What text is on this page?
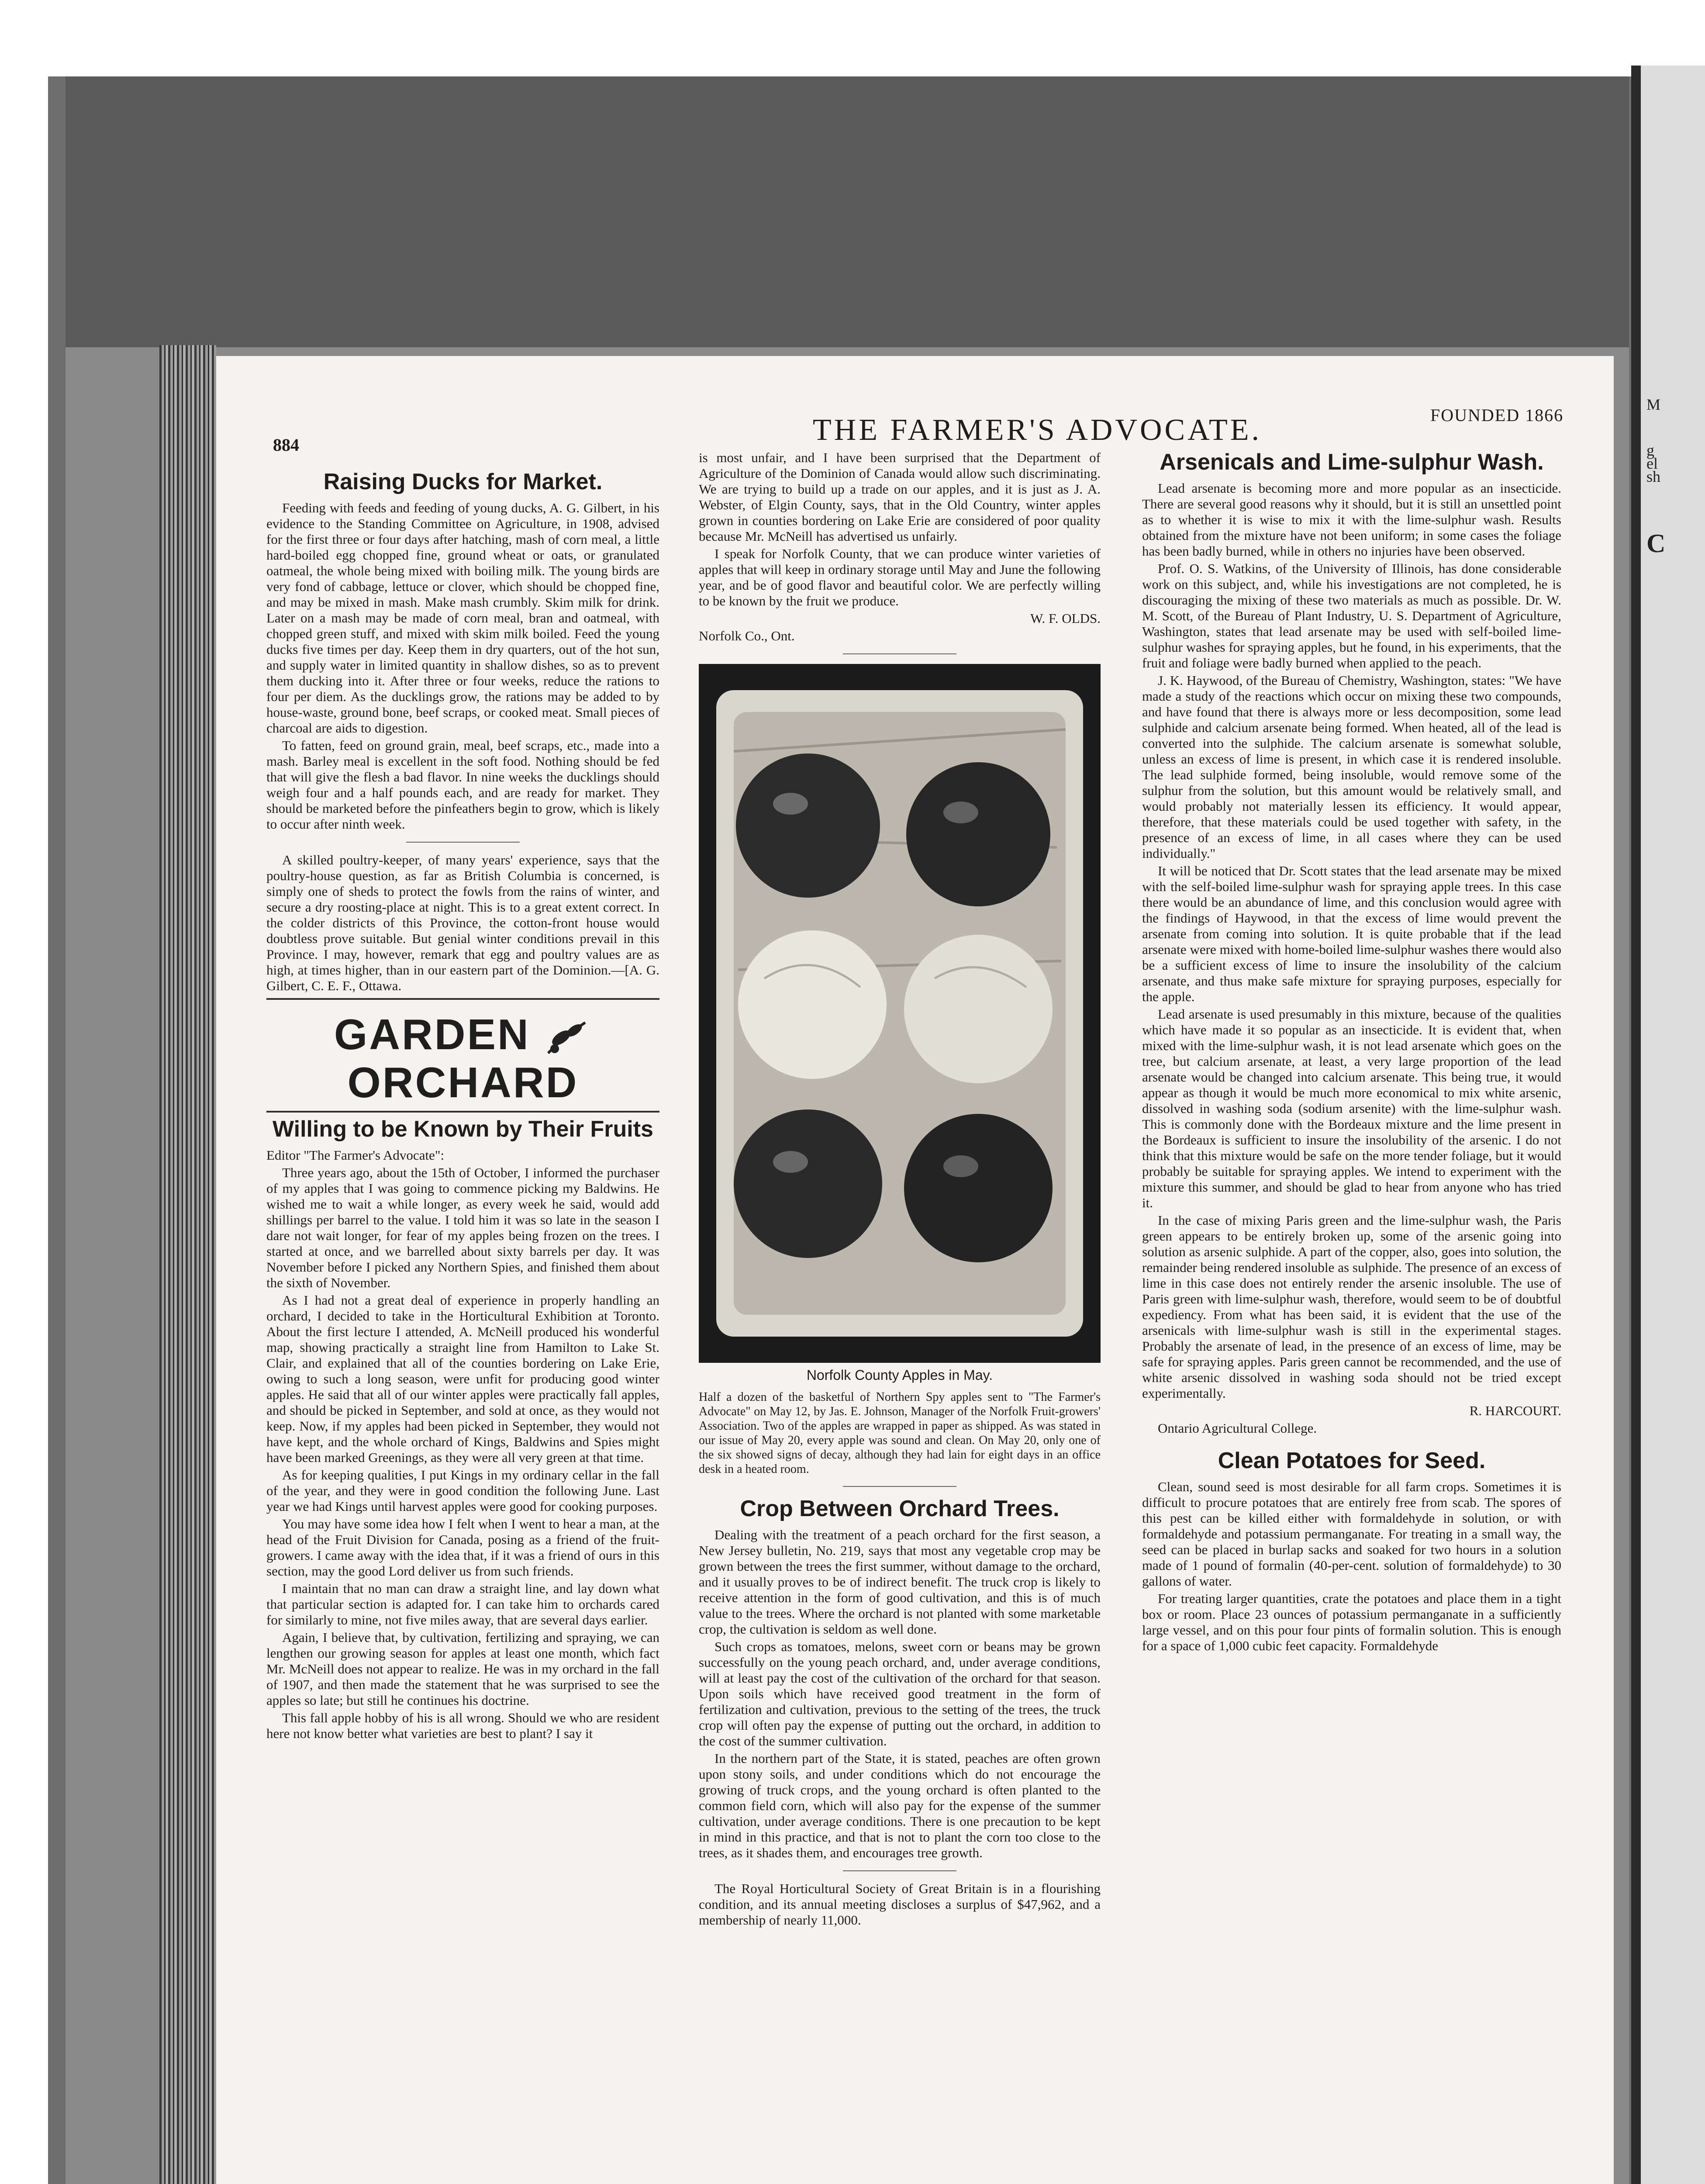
M
g
el
sh
C
884	THE FARMER'S ADVOCATE.	FOUNDED 1866
Raising Ducks for Market.

Feeding with feeds and feeding of young ducks, A. G. Gilbert, in his evidence to the Standing Committee on Agriculture, in 1908, advised for the first three or four days after hatching, mash of corn meal, a little hard-boiled egg chopped fine, ground wheat or oats, or granulated oatmeal, the whole being mixed with boiling milk. The young birds are very fond of cabbage, lettuce or clover, which should be chopped fine, and may be mixed in mash. Make mash crumbly. Skim milk for drink. Later on a mash may be made of corn meal, bran and oatmeal, with chopped green stuff, and mixed with skim milk boiled. Feed the young ducks five times per day. Keep them in dry quarters, out of the hot sun, and supply water in limited quantity in shallow dishes, so as to prevent them ducking into it. After three or four weeks, reduce the rations to four per diem. As the ducklings grow, the rations may be added to by house-waste, ground bone, beef scraps, or cooked meat. Small pieces of charcoal are aids to digestion.

To fatten, feed on ground grain, meal, beef scraps, etc., made into a mash. Barley meal is excellent in the soft food. Nothing should be fed that will give the flesh a bad flavor. In nine weeks the ducklings should weigh four and a half pounds each, and are ready for market. They should be marketed before the pinfeathers begin to grow, which is likely to occur after ninth week.

A skilled poultry-keeper, of many years' experience, says that the poultry-house question, as far as British Columbia is concerned, is simply one of sheds to protect the fowls from the rains of winter, and secure a dry roosting-place at night. This is to a great extent correct. In the colder districts of this Province, the cotton-front house would doubtless prove suitable. But genial winter conditions prevail in this Province. I may, however, remark that egg and poultry values are as high, at times higher, than in our eastern part of the Dominion.—[A. G. Gilbert, C. E. F., Ottawa.

GARDEN  ORCHARD
Willing to be Known by Their Fruits

Editor "The Farmer's Advocate":

Three years ago, about the 15th of October, I informed the purchaser of my apples that I was going to commence picking my Baldwins. He wished me to wait a while longer, as every week he said, would add shillings per barrel to the value. I told him it was so late in the season I dare not wait longer, for fear of my apples being frozen on the trees. I started at once, and we barrelled about sixty barrels per day. It was November before I picked any Northern Spies, and finished them about the sixth of November.

As I had not a great deal of experience in properly handling an orchard, I decided to take in the Horticultural Exhibition at Toronto. About the first lecture I attended, A. McNeill produced his wonderful map, showing practically a straight line from Hamilton to Lake St. Clair, and explained that all of the counties bordering on Lake Erie, owing to such a long season, were unfit for producing good winter apples. He said that all of our winter apples were practically fall apples, and should be picked in September, and sold at once, as they would not keep. Now, if my apples had been picked in September, they would not have kept, and the whole orchard of Kings, Baldwins and Spies might have been marked Greenings, as they were all very green at that time.

As for keeping qualities, I put Kings in my ordinary cellar in the fall of the year, and they were in good condition the following June. Last year we had Kings until harvest apples were good for cooking purposes.

You may have some idea how I felt when I went to hear a man, at the head of the Fruit Division for Canada, posing as a friend of the fruit-growers. I came away with the idea that, if it was a friend of ours in this section, may the good Lord deliver us from such friends.

I maintain that no man can draw a straight line, and lay down what that particular section is adapted for. I can take him to orchards cared for similarly to mine, not five miles away, that are several days earlier.

Again, I believe that, by cultivation, fertilizing and spraying, we can lengthen our growing season for apples at least one month, which fact Mr. McNeill does not appear to realize. He was in my orchard in the fall of 1907, and then made the statement that he was surprised to see the apples so late; but still he continues his doctrine.

This fall apple hobby of his is all wrong. Should we who are resident here not know better what varieties are best to plant? I say it

is most unfair, and I have been surprised that the Department of Agriculture of the Dominion of Canada would allow such discriminating. We are trying to build up a trade on our apples, and it is just as J. A. Webster, of Elgin County, says, that in the Old Country, winter apples grown in counties bordering on Lake Erie are considered of poor quality because Mr. McNeill has advertised us unfairly.

I speak for Norfolk County, that we can produce winter varieties of apples that will keep in ordinary storage until May and June the following year, and be of good flavor and beautiful color. We are perfectly willing to be known by the fruit we produce.

W. F. OLDS.

Norfolk Co., Ont.

Norfolk County Apples in May.

Half a dozen of the basketful of Northern Spy apples sent to "The Farmer's Advocate" on May 12, by Jas. E. Johnson, Manager of the Norfolk Fruit-growers' Association. Two of the apples are wrapped in paper as shipped. As was stated in our issue of May 20, every apple was sound and clean. On May 20, only one of the six showed signs of decay, although they had lain for eight days in an office desk in a heated room.

Crop Between Orchard Trees.

Dealing with the treatment of a peach orchard for the first season, a New Jersey bulletin, No. 219, says that most any vegetable crop may be grown between the trees the first summer, without damage to the orchard, and it usually proves to be of indirect benefit. The truck crop is likely to receive attention in the form of good cultivation, and this is of much value to the trees. Where the orchard is not planted with some marketable crop, the cultivation is seldom as well done.

Such crops as tomatoes, melons, sweet corn or beans may be grown successfully on the young peach orchard, and, under average conditions, will at least pay the cost of the cultivation of the orchard for that season. Upon soils which have received good treatment in the form of fertilization and cultivation, previous to the setting of the trees, the truck crop will often pay the expense of putting out the orchard, in addition to the cost of the summer cultivation.

In the northern part of the State, it is stated, peaches are often grown upon stony soils, and under conditions which do not encourage the growing of truck crops, and the young orchard is often planted to the common field corn, which will also pay for the expense of the summer cultivation, under average conditions. There is one precaution to be kept in mind in this practice, and that is not to plant the corn too close to the trees, as it shades them, and encourages tree growth.

The Royal Horticultural Society of Great Britain is in a flourishing condition, and its annual meeting discloses a surplus of $47,962, and a membership of nearly 11,000.

Arsenicals and Lime-sulphur Wash.

Lead arsenate is becoming more and more popular as an insecticide. There are several good reasons why it should, but it is still an unsettled point as to whether it is wise to mix it with the lime-sulphur wash. Results obtained from the mixture have not been uniform; in some cases the foliage has been badly burned, while in others no injuries have been observed.

Prof. O. S. Watkins, of the University of Illinois, has done considerable work on this subject, and, while his investigations are not completed, he is discouraging the mixing of these two materials as much as possible. Dr. W. M. Scott, of the Bureau of Plant Industry, U. S. Department of Agriculture, Washington, states that lead arsenate may be used with self-boiled lime-sulphur washes for spraying apples, but he found, in his experiments, that the fruit and foliage were badly burned when applied to the peach.

J. K. Haywood, of the Bureau of Chemistry, Washington, states: "We have made a study of the reactions which occur on mixing these two compounds, and have found that there is always more or less decomposition, some lead sulphide and calcium arsenate being formed. When heated, all of the lead is converted into the sulphide. The calcium arsenate is somewhat soluble, unless an excess of lime is present, in which case it is rendered insoluble. The lead sulphide formed, being insoluble, would remove some of the sulphur from the solution, but this amount would be relatively small, and would probably not materially lessen its efficiency. It would appear, therefore, that these materials could be used together with safety, in the presence of an excess of lime, in all cases where they can be used individually."

It will be noticed that Dr. Scott states that the lead arsenate may be mixed with the self-boiled lime-sulphur wash for spraying apple trees. In this case there would be an abundance of lime, and this conclusion would agree with the findings of Haywood, in that the excess of lime would prevent the arsenate from coming into solution. It is quite probable that if the lead arsenate were mixed with home-boiled lime-sulphur washes there would also be a sufficient excess of lime to insure the insolubility of the calcium arsenate, and thus make safe mixture for spraying purposes, especially for the apple.

Lead arsenate is used presumably in this mixture, because of the qualities which have made it so popular as an insecticide. It is evident that, when mixed with the lime-sulphur wash, it is not lead arsenate which goes on the tree, but calcium arsenate, at least, a very large proportion of the lead arsenate would be changed into calcium arsenate. This being true, it would appear as though it would be much more economical to mix white arsenic, dissolved in washing soda (sodium arsenite) with the lime-sulphur wash. This is commonly done with the Bordeaux mixture and the lime present in the Bordeaux is sufficient to insure the insolubility of the arsenic. I do not think that this mixture would be safe on the more tender foliage, but it would probably be suitable for spraying apples. We intend to experiment with the mixture this summer, and should be glad to hear from anyone who has tried it.

In the case of mixing Paris green and the lime-sulphur wash, the Paris green appears to be entirely broken up, some of the arsenic going into solution as arsenic sulphide. A part of the copper, also, goes into solution, the remainder being rendered insoluble as sulphide. The presence of an excess of lime in this case does not entirely render the arsenic insoluble. The use of Paris green with lime-sulphur wash, therefore, would seem to be of doubtful expediency. From what has been said, it is evident that the use of the arsenicals with lime-sulphur wash is still in the experimental stages. Probably the arsenate of lead, in the presence of an excess of lime, may be safe for spraying apples. Paris green cannot be recommended, and the use of white arsenic dissolved in washing soda should not be tried except experimentally.

R. HARCOURT.

Ontario Agricultural College.

Clean Potatoes for Seed.

Clean, sound seed is most desirable for all farm crops. Sometimes it is difficult to procure potatoes that are entirely free from scab. The spores of this pest can be killed either with formaldehyde in solution, or with formaldehyde and potassium permanganate. For treating in a small way, the seed can be placed in burlap sacks and soaked for two hours in a solution made of 1 pound of formalin (40-per-cent. solution of formaldehyde) to 30 gallons of water.

For treating larger quantities, crate the potatoes and place them in a tight box or room. Place 23 ounces of potassium permanganate in a sufficiently large vessel, and on this pour four pints of formalin solution. This is enough for a space of 1,000 cubic feet capacity. Formaldehyde
